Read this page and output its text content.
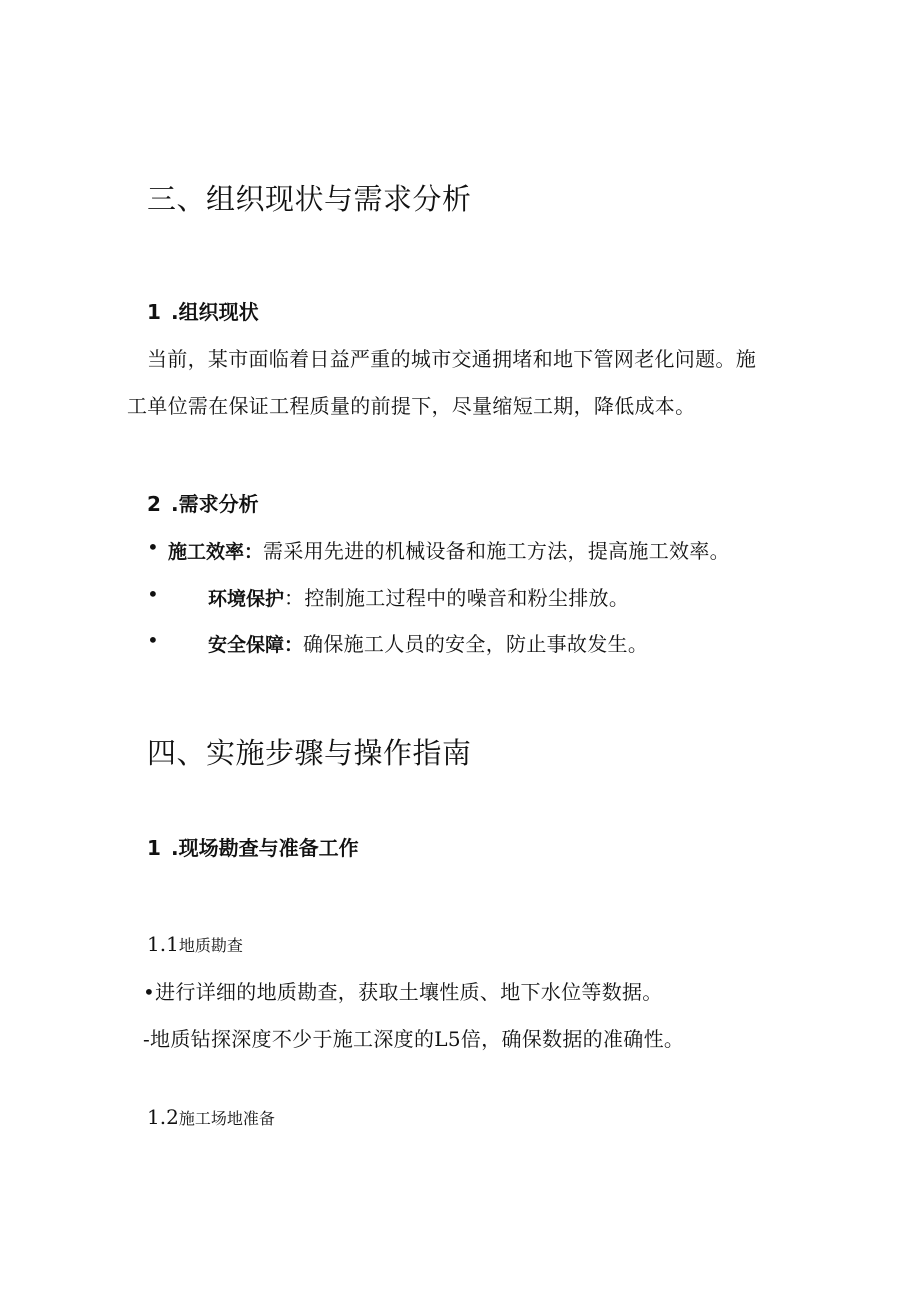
三、组织现状与需求分析
1 .组织现状
当前，某市面临着日益严重的城市交通拥堵和地下管网老化问题。施
工单位需在保证工程质量的前提下，尽量缩短工期，降低成本。
2 .需求分析
• 施工效率：需采用先进的机械设备和施工方法，提高施工效率。
•	环境保护：控制施工过程中的噪音和粉尘排放。
•	安全保障：确保施工人员的安全，防止事故发生。
四、实施步骤与操作指南
1 .现场勘查与准备工作
1.1地质勘查
•进行详细的地质勘查，获取土壤性质、地下水位等数据。
-地质钻探深度不少于施工深度的L5倍，确保数据的准确性。
1.2施工场地准备
